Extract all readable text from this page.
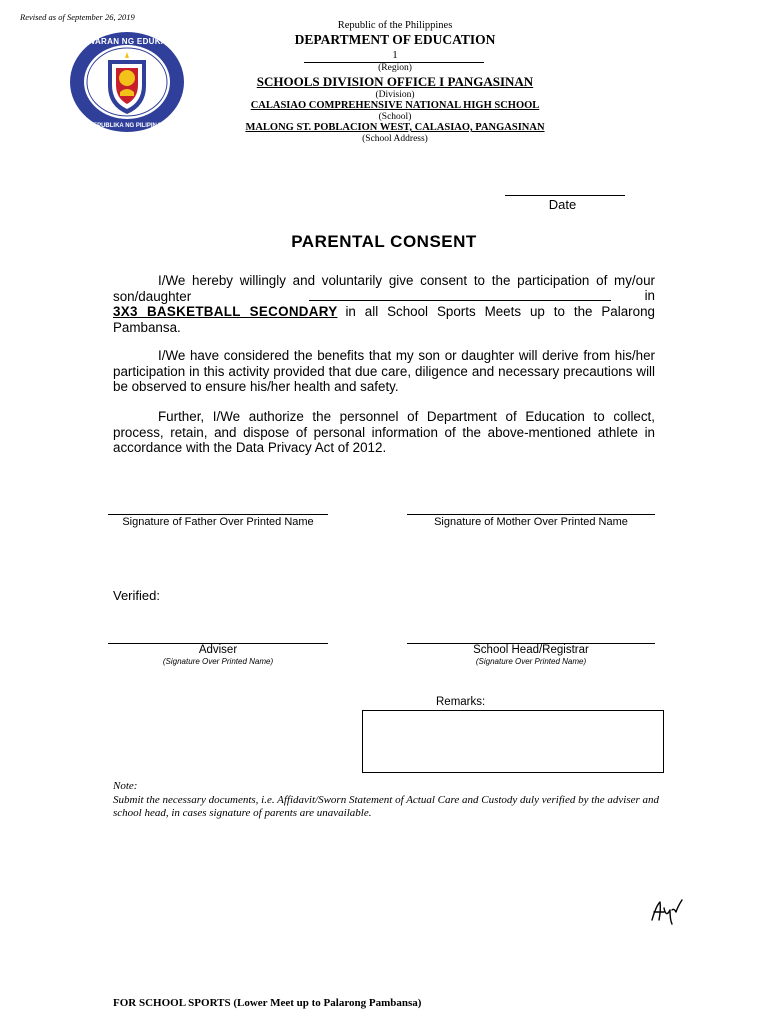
Revised as of September 26, 2019
KAGAWARAN NG EDUKASYON
REPUBLIKA NG PILIPINAS
Republic of the Philippines
DEPARTMENT OF EDUCATION
1
(Region)
SCHOOLS DIVISION OFFICE I PANGASINAN
(Division)
CALASIAO COMPREHENSIVE NATIONAL HIGH SCHOOL
(School)
MALONG ST. POBLACION WEST, CALASIAO, PANGASINAN
(School Address)
Date
PARENTAL CONSENT
I/We hereby willingly and voluntarily give consent to the participation of my/our son/daughter	in
3X3 BASKETBALL SECONDARY in all School Sports Meets up to the Palarong Pambansa.

I/We have considered the benefits that my son or daughter will derive from his/her participation in this activity provided that due care, diligence and necessary precautions will be observed to ensure his/her health and safety.

Further, I/We authorize the personnel of Department of Education to collect, process, retain, and dispose of personal information of the above-mentioned athlete in accordance with the Data Privacy Act of 2012.

Signature of Father Over Printed Name	Signature of Mother Over Printed Name
Verified:
Adviser
(Signature Over Printed Name)
School Head/Registrar
(Signature Over Printed Name)
Remarks:
Note:
Submit the necessary documents, i.e. Affidavit/Sworn Statement of Actual Care and Custody duly verified by the adviser and school head, in cases signature of parents are unavailable.
FOR SCHOOL SPORTS (Lower Meet up to Palarong Pambansa)
